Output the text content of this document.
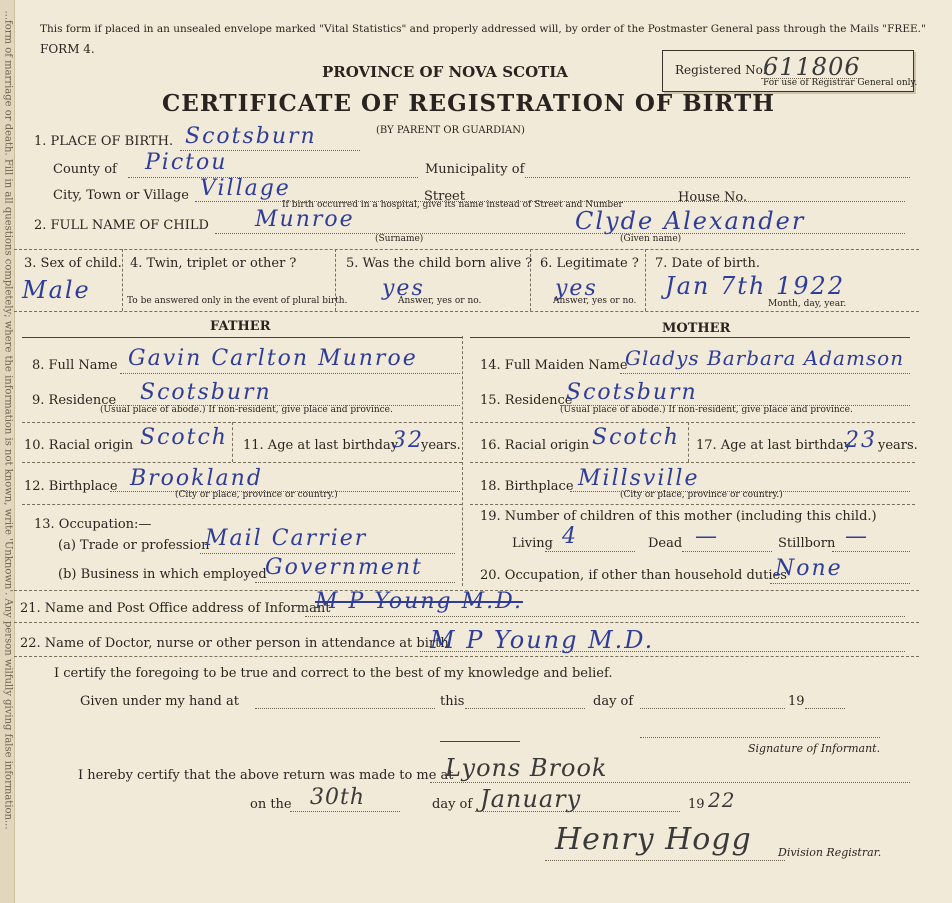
...form of marriage or death. Fill in all questions completely; where the information is not known, write 'Unknown'. Any person wilfully giving false information...	This form if placed in an unsealed envelope marked "Vital Statistics" and properly addressed will, by order of the Postmaster General pass through the Mails "FREE."
FORM 4.
PROVINCE OF NOVA SCOTIA
CERTIFICATE OF REGISTRATION OF BIRTH
(BY PARENT OR GUARDIAN)
Registered No.
611806
For use of Registrar General only.
1. PLACE OF BIRTH. Scotsburn
County of Pictou	Municipality of
City, Town or Village Village	Street	House No.
If birth occurred in a hospital, give its name instead of Street and Number
2. FULL NAME OF CHILD Munroe
(Surname)
Clyde Alexander
(Given name)
3. Sex of child.
Male
4. Twin, triplet or other ?
To be answered only in the event of plural birth.
5. Was the child born alive ?
yes
Answer, yes or no.
6. Legitimate ?
yes
Answer, yes or no.
7. Date of birth.
Jan 7th 1922
Month, day, year.
FATHER	MOTHER
8. Full Name Gavin Carlton Munroe
9. Residence Scotsburn
(Usual place of abode.) If non-resident, give place and province.
10. Racial origin Scotch 11. Age at last birthday
32
years.
12. Birthplace Brookland
(City or place, province or country.)
13. Occupation:—
(a) Trade or profession
Mail Carrier
(b) Business in which employed
Government
14. Full Maiden Name
Gladys Barbara Adamson
15. Residence
Scotsburn
(Usual place of abode.) If non-resident, give place and province.
16. Racial origin Scotch 17. Age at last birthday
23 years.
18. Birthplace Millsville
(City or place, province or country.)
19. Number of children of this mother (including this child.)
Living 4	Dead —	Stillborn —
20. Occupation, if other than household duties
None
21. Name and Post Office address of Informant
M P Young M.D.
22. Name of Doctor, nurse or other person in attendance at birth
M P Young M.D.
I certify the foregoing to be true and correct to the best of my knowledge and belief.
Given under my hand at	this	day of	19
Signature of Informant.
I hereby certify that the above return was made to me at
Lyons Brook
on the 30th	day of January	19 22
Henry Hogg Division Registrar.
